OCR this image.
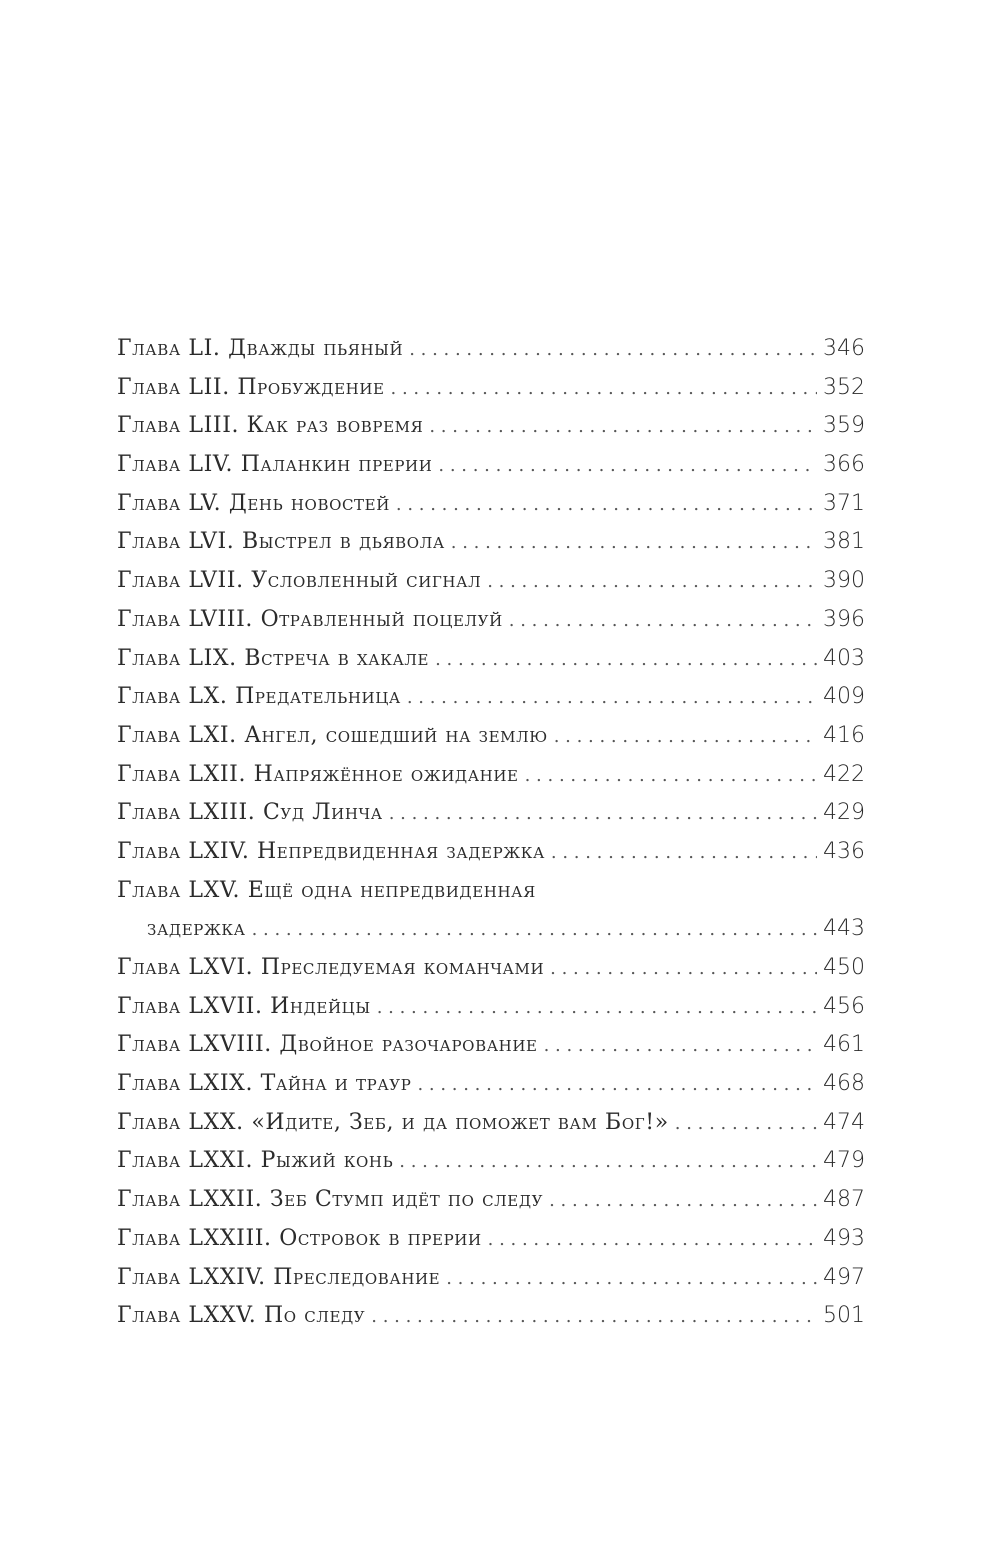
Глава LI. Дважды пьяный . . .	346
Глава LII. Пробуждение . . .	352
Глава LIII. Как раз вовремя . . .	359
Глава LIV. Паланкин прерии . . .	366
Глава LV. День новостей . . .	371
Глава LVI. Выстрел в дьявола . . .	381
Глава LVII. Условленный сигнал . . .	390
Глава LVIII. Отравленный поцелуй . . .	396
Глава LIX. Встреча в хакале . . .	403
Глава LX. Предательница . . .	409
Глава LXI. Ангел, сошедший на землю . . .	416
Глава LXII. Напряжённое ожидание . . .	422
Глава LXIII. Суд Линча . . .	429
Глава LXIV. Непредвиденная задержка . . .	436
Глава LXV. Ещё одна непредвиденная
задержка . . .	443
Глава LXVI. Преследуемая команчами . . .	450
Глава LXVII. Индейцы . . .	456
Глава LXVIII. Двойное разочарование . . .	461
Глава LXIX. Тайна и траур . . .	468
Глава LXX. «Идите, Зеб, и да поможет вам Бог!» . . .	474
Глава LXXI. Рыжий конь . . .	479
Глава LXXII. Зеб Стумп идёт по следу . . .	487
Глава LXXIII. Островок в прерии . . .	493
Глава LXXIV. Преследование . . .	497
Глава LXXV. По следу . . .	501
